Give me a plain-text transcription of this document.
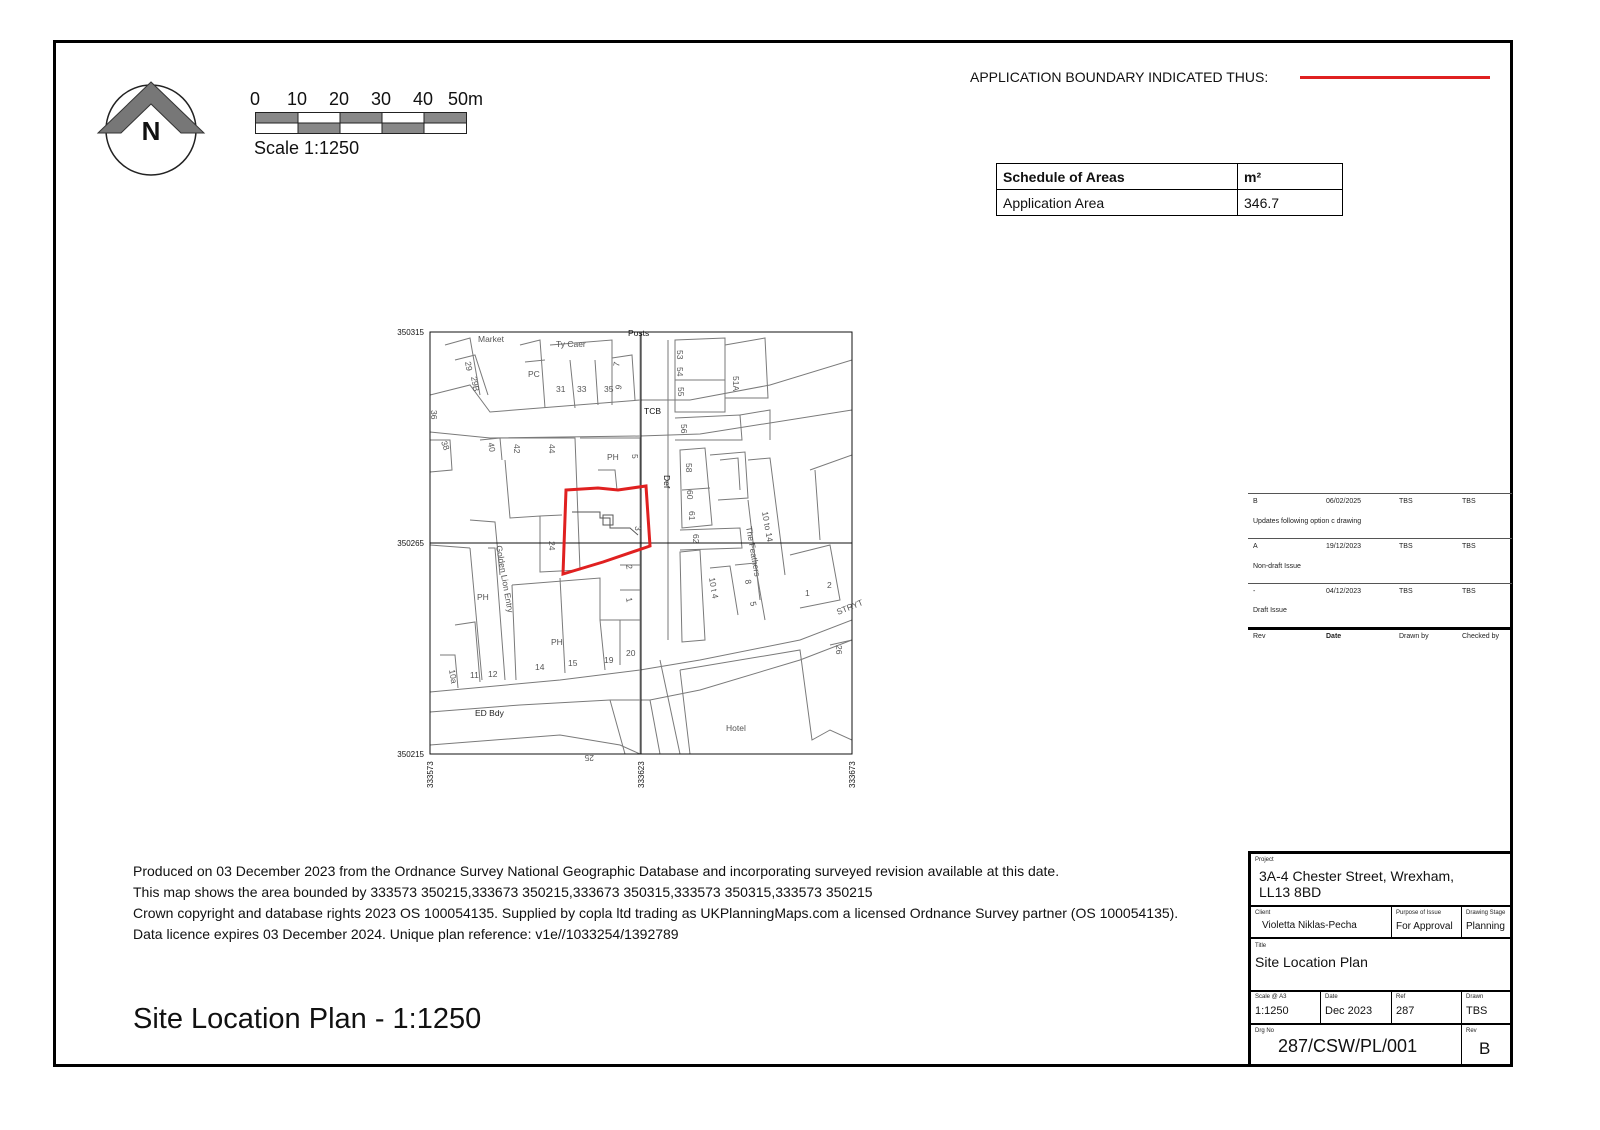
N
0 10 20 30 40 50m
Scale 1:1250
APPLICATION BOUNDARY INDICATED THUS:
Schedule of Areas	m²
Application Area	346.7
350315
350265
350215
333573	333623	333673
Market	Ty Caer
Posts
PC
31 33 35
7
9
29
29B
53
54
55
51A
TCB
36
56
38	40 42	44
PH 5
Def
58
60
61
3	10 to 14
The Feathers
62
24
Golden Lion Entry	2
10 t 4	8
5
1
2
STRYT
PH
PH
1
20
14	15	19
10a 11 12
26
ED Bdy
Hotel
25
B	06/02/2025	TBS	TBS
Updates following option c drawing
A	19/12/2023	TBS	TBS
Non-draft Issue
-	04/12/2023	TBS	TBS
Draft Issue
Rev	Date	Drawn by	Checked by
Produced on 03 December 2023 from the Ordnance Survey National Geographic Database and incorporating surveyed revision available at this date.
This map shows the area bounded by 333573 350215,333673 350215,333673 350315,333573 350315,333573 350215
Crown copyright and database rights 2023 OS 100054135. Supplied by copla ltd trading as UKPlanningMaps.com a licensed Ordnance Survey partner (OS 100054135).
Data licence expires 03 December 2024. Unique plan reference: v1e//1033254/1392789
Site Location Plan - 1:1250
Project
3A-4 Chester Street, Wrexham,
LL13 8BD
Client
Violetta Niklas-Pecha
Purpose of Issue
For Approval
Drawing Stage
Planning
Title
Site Location Plan
Scale @ A3
1:1250
Date
Dec 2023
Ref
287
Drawn
TBS
Drg No
287/CSW/PL/001
Rev
B
